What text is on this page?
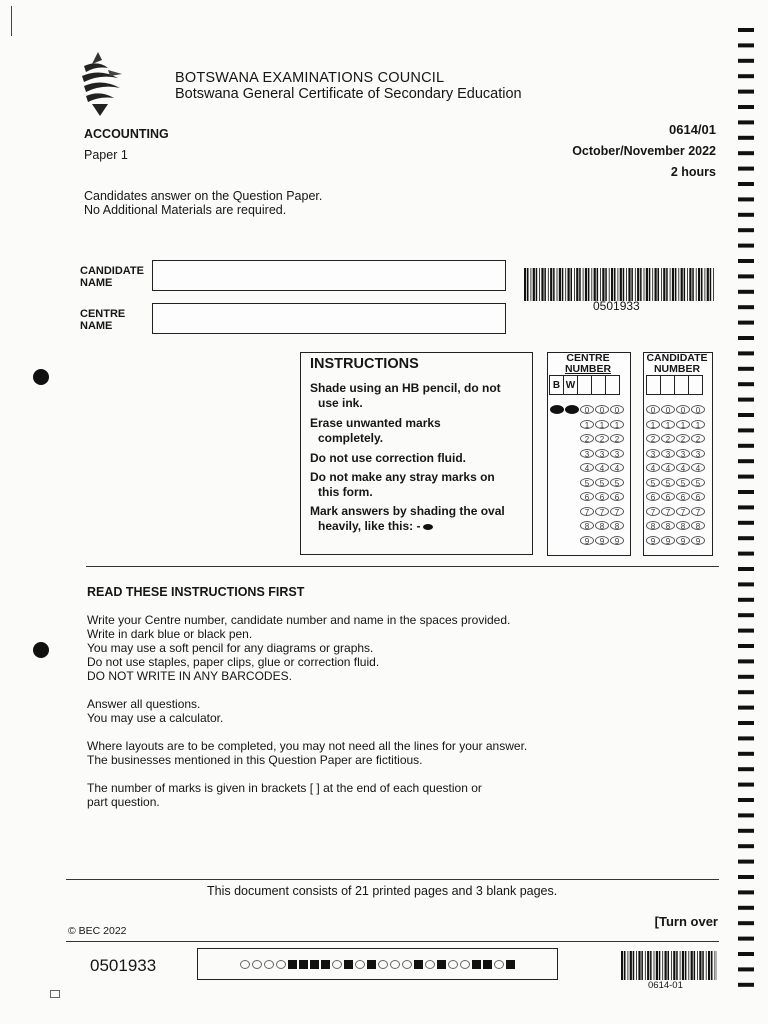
BOTSWANA EXAMINATIONS COUNCIL
Botswana General Certificate of Secondary Education
ACCOUNTING
Paper 1
0614/01
October/November 2022
2 hours
Candidates answer on the Question Paper.
No Additional Materials are required.
CANDIDATE
NAME
CENTRE
NAME
0501933
INSTRUCTIONS
Shade using an HB pencil, do not
use ink.
Erase unwanted marks
completely.
Do not use correction fluid.
Do not make any stray marks on
this form.
Mark answers by shading the oval
heavily, like this: -
CENTRE
NUMBER
B W
0	0	0
1	1	1
2	2	2
3	3	3
4	4	4
5	5	5
6	6	6
7	7	7
8	8	8
9	9	9
CANDIDATE
NUMBER
0	0	0	0
1	1	1	1
2	2	2	2
3	3	3	3
4	4	4	4
5	5	5	5
6	6	6	6
7	7	7	7
8	8	8	8
9	9	9	9
READ THESE INSTRUCTIONS FIRST
Write your Centre number, candidate number and name in the spaces provided.
Write in dark blue or black pen.
You may use a soft pencil for any diagrams or graphs.
Do not use staples, paper clips, glue or correction fluid.
DO NOT WRITE IN ANY BARCODES.
Answer all questions.
You may use a calculator.
Where layouts are to be completed, you may not need all the lines for your answer.
The businesses mentioned in this Question Paper are fictitious.
The number of marks is given in brackets [ ] at the end of each question or
part question.
This document consists of 21 printed pages and 3 blank pages.
© BEC 2022
[Turn over
0501933
0614-01
